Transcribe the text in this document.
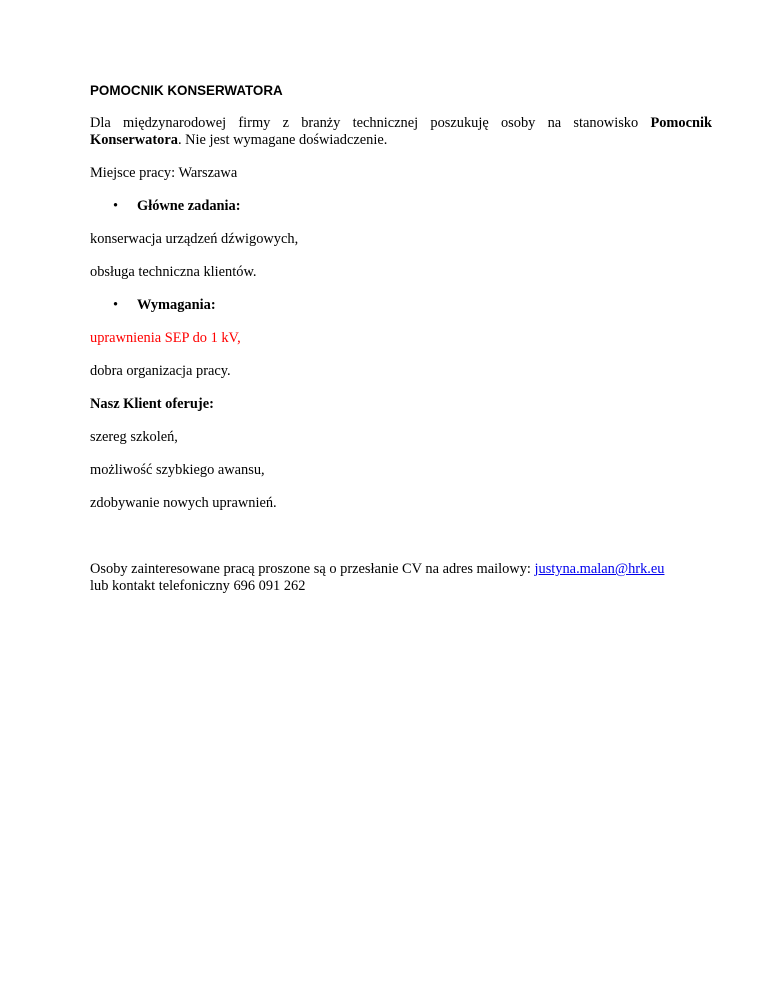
POMOCNIK KONSERWATORA

Dla międzynarodowej firmy z branży technicznej poszukuję osoby na stanowisko Pomocnik Konserwatora. Nie jest wymagane doświadczenie.

Miejsce pracy: Warszawa

• Główne zadania:

konserwacja urządzeń dźwigowych,

obsługa techniczna klientów.

• Wymagania:

uprawnienia SEP do 1 kV,

dobra organizacja pracy.

Nasz Klient oferuje:

szereg szkoleń,

możliwość szybkiego awansu,

zdobywanie nowych uprawnień.

Osoby zainteresowane pracą proszone są o przesłanie CV na adres mailowy: justyna.malan@hrk.eu
lub kontakt telefoniczny 696 091 262
